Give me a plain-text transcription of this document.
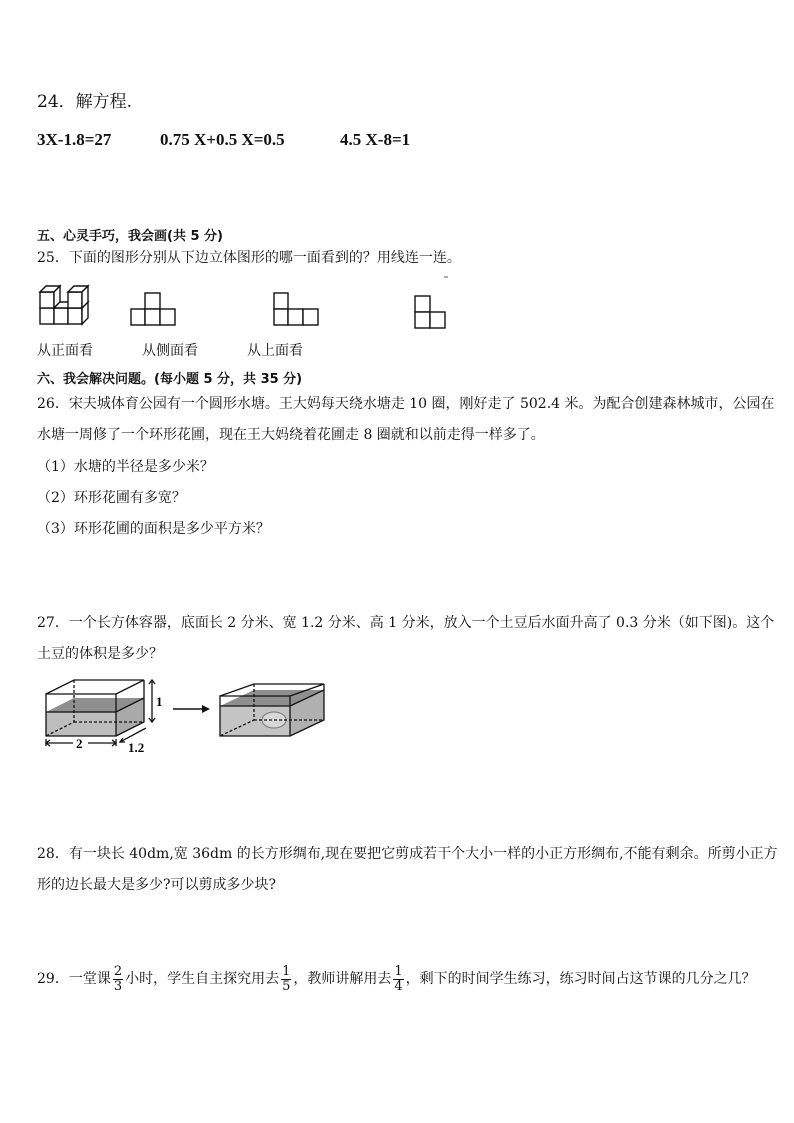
24．解方程.
3X-1.8=27	0.75 X+0.5 X=0.5	4.5 X-8=1
五、心灵手巧，我会画(共 5 分)
25．下面的图形分别从下边立体图形的哪一面看到的？用线连一连。
从正面看	从侧面看	从上面看
六、我会解决问题。(每小题 5 分，共 35 分)
26．宋夫城体育公园有一个圆形水塘。王大妈每天绕水塘走 10 圈，刚好走了 502.4 米。为配合创建森林城市，公园在
水塘一周修了一个环形花圃，现在王大妈绕着花圃走 8 圈就和以前走得一样多了。
（1）水塘的半径是多少米？
（2）环形花圃有多宽？
（3）环形花圃的面积是多少平方米？
27．一个长方体容器，底面长 2 分米、宽 1.2 分米、高 1 分米，放入一个土豆后水面升高了 0.3 分米（如下图)。这个
土豆的体积是多少？
2	1.2
1
28．有一块长 40dm,宽 36dm 的长方形绸布,现在要把它剪成若干个大小一样的小正方形绸布,不能有剩余。所剪小正方
形的边长最大是多少?可以剪成多少块?
29．一堂课 $\frac{2}{3}$ 小时，学生自主探究用去 $\frac{1}{5}$ ，教师讲解用去 $\frac{1}{4}$ ，剩下的时间学生练习，练习时间占这节课的几分之几？
